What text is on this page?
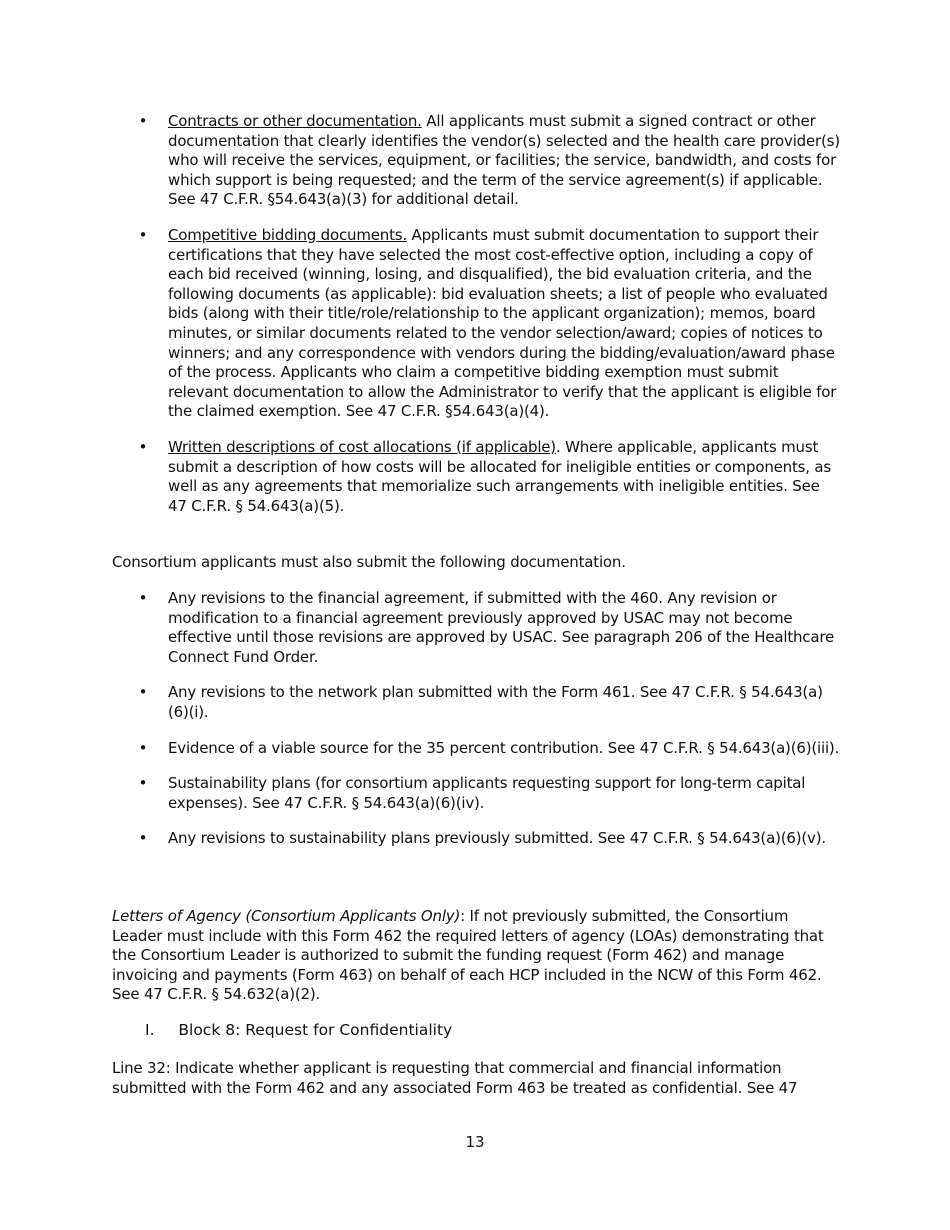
• Contracts or other documentation. All applicants must submit a signed contract or other documentation that clearly identifies the vendor(s) selected and the health care provider(s) who will receive the services, equipment, or facilities; the service, bandwidth, and costs for which support is being requested; and the term of the service agreement(s) if applicable. See 47 C.F.R. §54.643(a)(3) for additional detail.
• Competitive bidding documents. Applicants must submit documentation to support their certifications that they have selected the most cost-effective option, including a copy of each bid received (winning, losing, and disqualified), the bid evaluation criteria, and the following documents (as applicable): bid evaluation sheets; a list of people who evaluated bids (along with their title/role/relationship to the applicant organization); memos, board minutes, or similar documents related to the vendor selection/award; copies of notices to winners; and any correspondence with vendors during the bidding/evaluation/award phase of the process. Applicants who claim a competitive bidding exemption must submit relevant documentation to allow the Administrator to verify that the applicant is eligible for the claimed exemption. See 47 C.F.R. §54.643(a)(4).
• Written descriptions of cost allocations (if applicable). Where applicable, applicants must submit a description of how costs will be allocated for ineligible entities or components, as well as any agreements that memorialize such arrangements with ineligible entities. See 47 C.F.R. § 54.643(a)(5).
Consortium applicants must also submit the following documentation.
• Any revisions to the financial agreement, if submitted with the 460. Any revision or modification to a financial agreement previously approved by USAC may not become effective until those revisions are approved by USAC. See paragraph 206 of the Healthcare Connect Fund Order.
• Any revisions to the network plan submitted with the Form 461. See 47 C.F.R. § 54.643(a)(6)(i).
• Evidence of a viable source for the 35 percent contribution. See 47 C.F.R. § 54.643(a)(6)(iii).
• Sustainability plans (for consortium applicants requesting support for long-term capital expenses). See 47 C.F.R. § 54.643(a)(6)(iv).
• Any revisions to sustainability plans previously submitted. See 47 C.F.R. § 54.643(a)(6)(v).
Letters of Agency (Consortium Applicants Only): If not previously submitted, the Consortium Leader must include with this Form 462 the required letters of agency (LOAs) demonstrating that the Consortium Leader is authorized to submit the funding request (Form 462) and manage invoicing and payments (Form 463) on behalf of each HCP included in the NCW of this Form 462. See 47 C.F.R. § 54.632(a)(2).
I. Block 8: Request for Confidentiality
Line 32: Indicate whether applicant is requesting that commercial and financial information submitted with the Form 462 and any associated Form 463 be treated as confidential. See 47
13
